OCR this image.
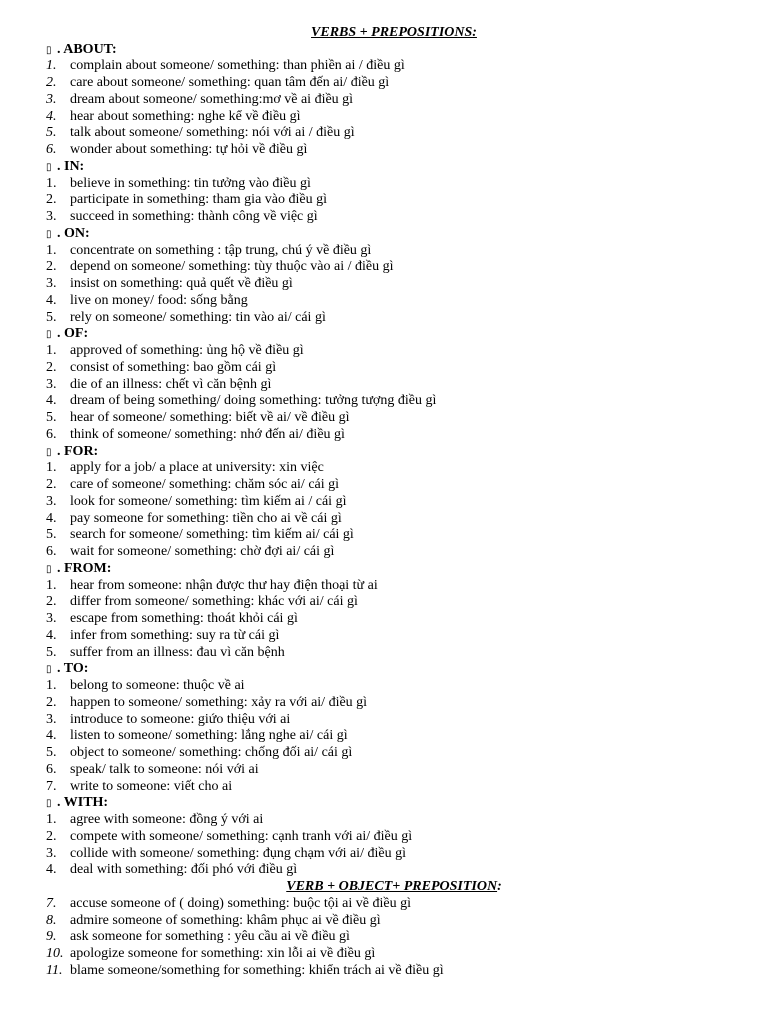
VERBS + PREPOSITIONS:
▯ . ABOUT:
1. complain about someone/ something: than phiền ai / điều gì
2. care about someone/ something: quan tâm đến ai/ điều gì
3. dream about someone/ something:mơ về ai điều gì
4. hear about something: nghe kể về điều gì
5. talk about someone/ something: nói với ai / điều gì
6. wonder about something: tự hỏi về điều gì
▯ . IN:
1. believe in something: tin tưởng vào điều gì
2. participate in something: tham gia vào điều gì
3. succeed in something: thành công về việc gì
▯ . ON:
1. concentrate on something : tập trung, chú ý về điều gì
2. depend on someone/ something: tùy thuộc vào ai / điều gì
3. insist on something: quả quết về điều gì
4. live on money/ food: sống bằng
5. rely on someone/ something: tin vào ai/ cái gì
▯ . OF:
1. approved of something: ủng hộ về điều gì
2. consist of something: bao gồm cái gì
3. die of an illness: chết vì căn bệnh gì
4. dream of being something/ doing something: tưởng tượng điều gì
5. hear of someone/ something: biết về ai/ về điều gì
6. think of someone/ something: nhớ đến ai/ điều gì
▯ . FOR:
1. apply for a job/ a place at university: xin việc
2. care of someone/ something: chăm sóc ai/ cái gì
3. look for someone/ something: tìm kiếm ai / cái gì
4. pay someone for something: tiền cho ai về cái gì
5. search for someone/ something: tìm kiếm ai/ cái gì
6. wait for someone/ something: chờ đợi ai/ cái gì
▯ . FROM:
1. hear from someone: nhận được thư hay điện thoại từ ai
2. differ from someone/ something: khác với ai/ cái gì
3. escape from something: thoát khỏi cái gì
4. infer from something: suy ra từ cái gì
5. suffer from an illness: đau vì căn bệnh
▯ . TO:
1. belong to someone: thuộc về ai
2. happen to someone/ something: xảy ra với ai/ điều gì
3. introduce to someone: giứo thiệu với ai
4. listen to someone/ something: lắng nghe ai/ cái gì
5. object to someone/ something: chống đối ai/ cái gì
6. speak/ talk to someone: nói với ai
7. write to someone: viết cho ai
▯ . WITH:
1. agree with someone: đồng ý với ai
2. compete with someone/ something: cạnh tranh với ai/ điều gì
3. collide with someone/ something: đụng chạm với ai/ điều gì
4. deal with something: đối phó với điều gì
VERB + OBJECT+ PREPOSITION:
7. accuse someone of ( doing) something: buộc tội ai về điều gì
8. admire someone of something: khâm phục ai về điều gì
9. ask someone for something : yêu cầu ai về điều gì
10. apologize someone for something: xin lỗi ai về điều gì
11. blame someone/something for something: khiển trách ai về điều gì
